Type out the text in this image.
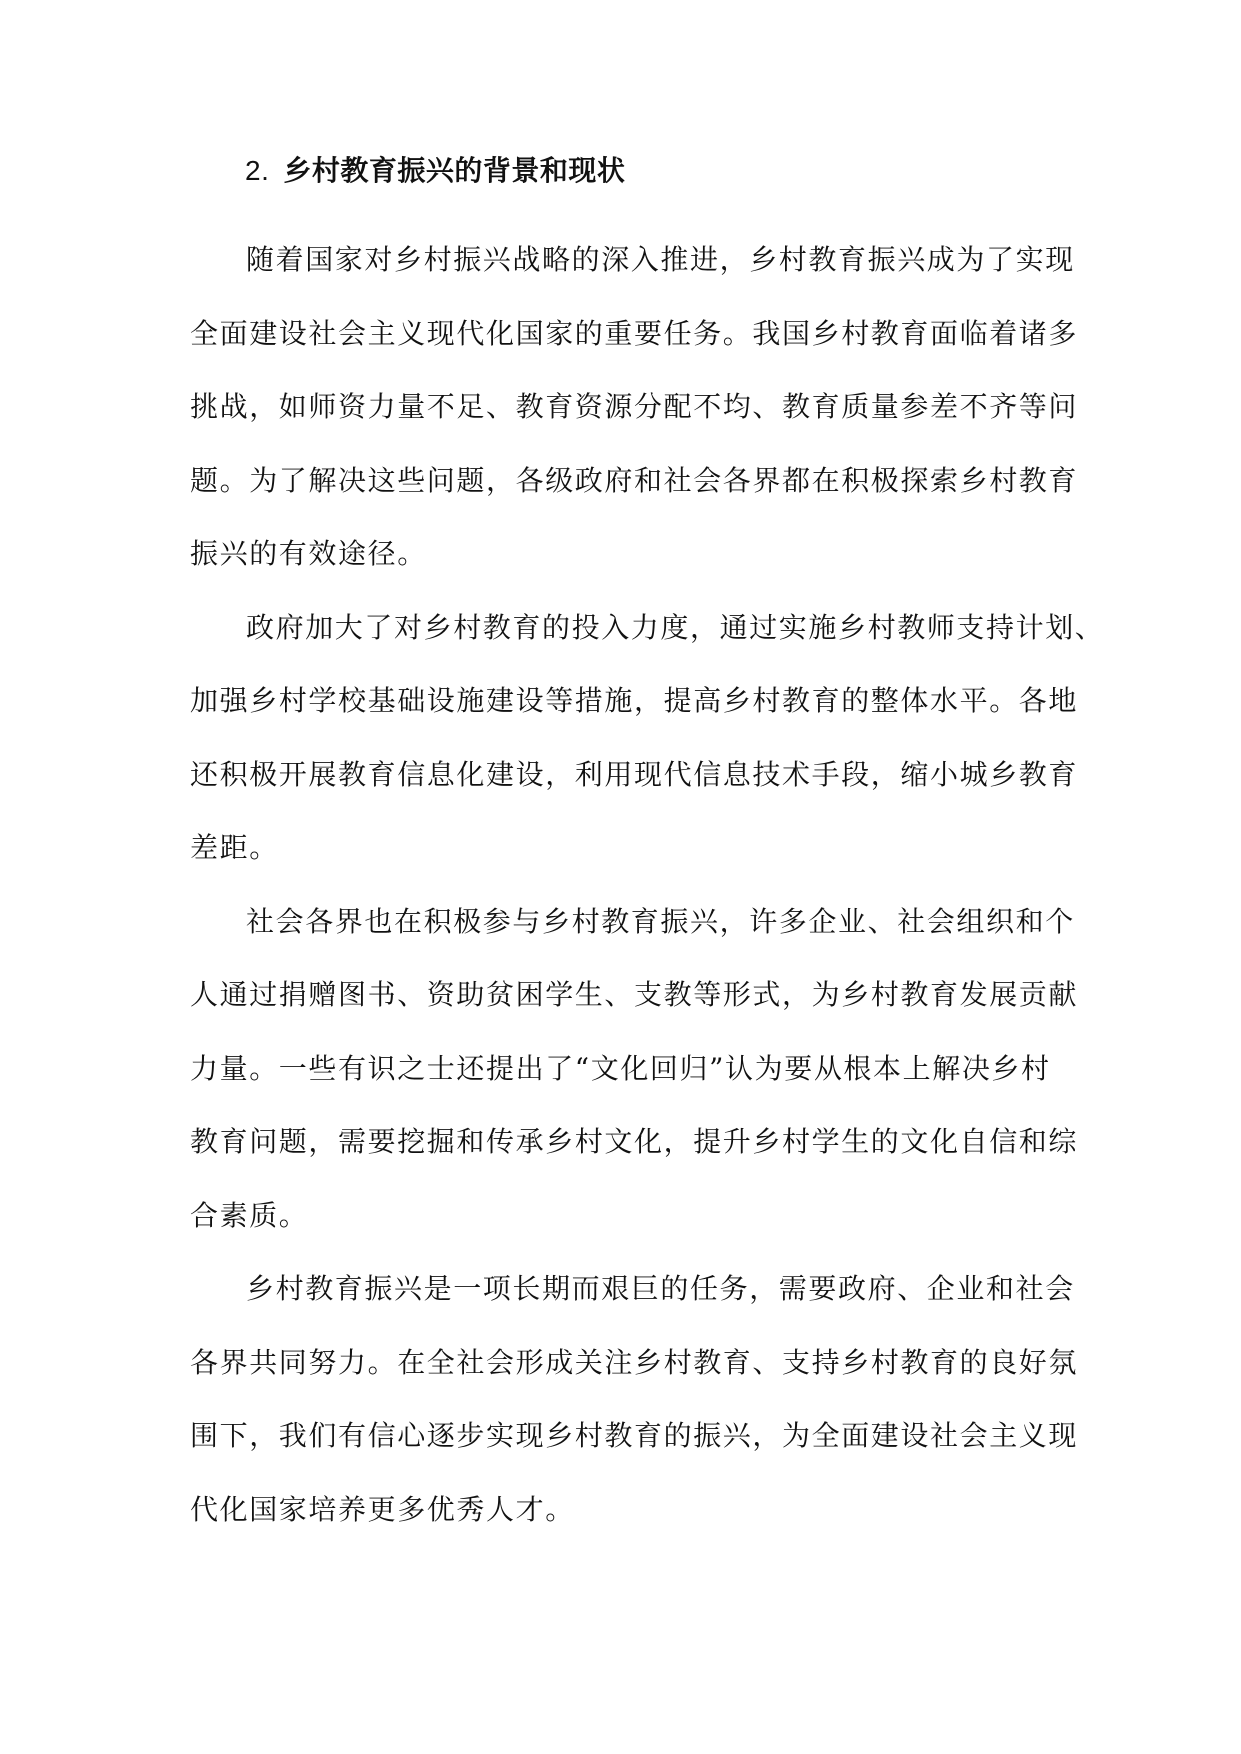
2. 乡村教育振兴的背景和现状

随着国家对乡村振兴战略的深入推进，乡村教育振兴成为了实现
全面建设社会主义现代化国家的重要任务。我国乡村教育面临着诸多
挑战，如师资力量不足、教育资源分配不均、教育质量参差不齐等问
题。为了解决这些问题，各级政府和社会各界都在积极探索乡村教育
振兴的有效途径。

政府加大了对乡村教育的投入力度，通过实施乡村教师支持计划、
加强乡村学校基础设施建设等措施，提高乡村教育的整体水平。各地
还积极开展教育信息化建设，利用现代信息技术手段，缩小城乡教育
差距。

社会各界也在积极参与乡村教育振兴，许多企业、社会组织和个
人通过捐赠图书、资助贫困学生、支教等形式，为乡村教育发展贡献
力量。一些有识之士还提出了“文化回归”认为要从根本上解决乡村
教育问题，需要挖掘和传承乡村文化，提升乡村学生的文化自信和综
合素质。

乡村教育振兴是一项长期而艰巨的任务，需要政府、企业和社会
各界共同努力。在全社会形成关注乡村教育、支持乡村教育的良好氛
围下，我们有信心逐步实现乡村教育的振兴，为全面建设社会主义现
代化国家培养更多优秀人才。
